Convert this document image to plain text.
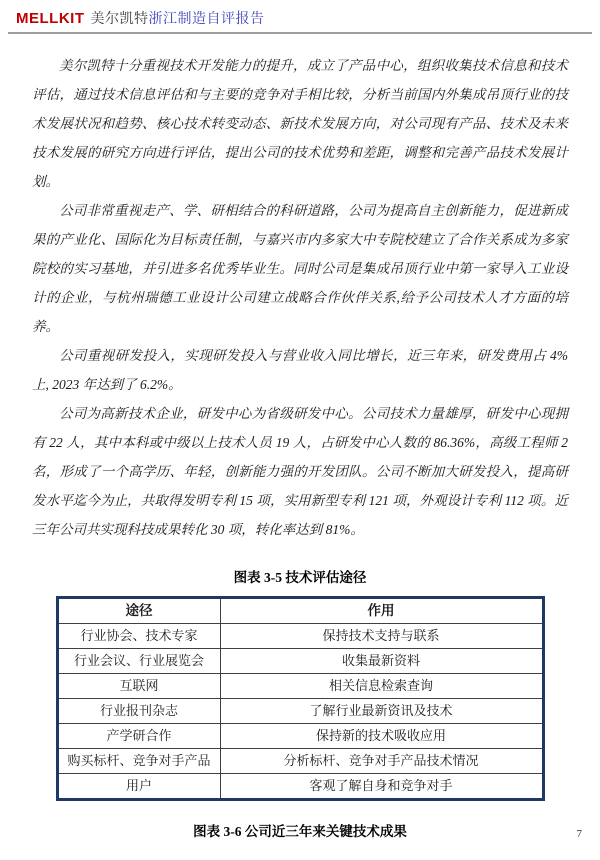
MELLKIT 美尔凯特浙江制造自评报告

美尔凯特十分重视技术开发能力的提升，成立了产品中心，组织收集技术信息和技术评估，通过技术信息评估和与主要的竞争对手相比较，分析当前国内外集成吊顶行业的技术发展状况和趋势、核心技术转变动态、新技术发展方向，对公司现有产品、技术及未来技术发展的研究方向进行评估，提出公司的技术优势和差距，调整和完善产品技术发展计划。

公司非常重视走产、学、研相结合的科研道路，公司为提高自主创新能力，促进新成果的产业化、国际化为目标责任制，与嘉兴市内多家大中专院校建立了合作关系成为多家院校的实习基地，并引进多名优秀毕业生。同时公司是集成吊顶行业中第一家导入工业设计的企业，与杭州瑞德工业设计公司建立战略合作伙伴关系,给予公司技术人才方面的培养。

公司重视研发投入，实现研发投入与营业收入同比增长，近三年来，研发费用占 4%上, 2023 年达到了 6.2%。

公司为高新技术企业，研发中心为省级研发中心。公司技术力量雄厚，研发中心现拥有 22 人，其中本科或中级以上技术人员 19 人，占研发中心人数的 86.36%，高级工程师 2 名，形成了一个高学历、年轻，创新能力强的开发团队。公司不断加大研发投入，提高研发水平迄今为止，共取得发明专利 15 项，实用新型专利 121 项，外观设计专利 112 项。近三年公司共实现科技成果转化 30 项，转化率达到 81%。

图表 3-5 技术评估途径
途径	作用
行业协会、技术专家	保持技术支持与联系
行业会议、行业展览会	收集最新资料
互联网	相关信息检索查询
行业报刊杂志	了解行业最新资讯及技术
产学研合作	保持新的技术吸收应用
购买标杆、竞争对手产品	分析标杆、竞争对手产品技术情况
用户	客观了解自身和竞争对手
图表 3-6 公司近三年来关键技术成果	7
